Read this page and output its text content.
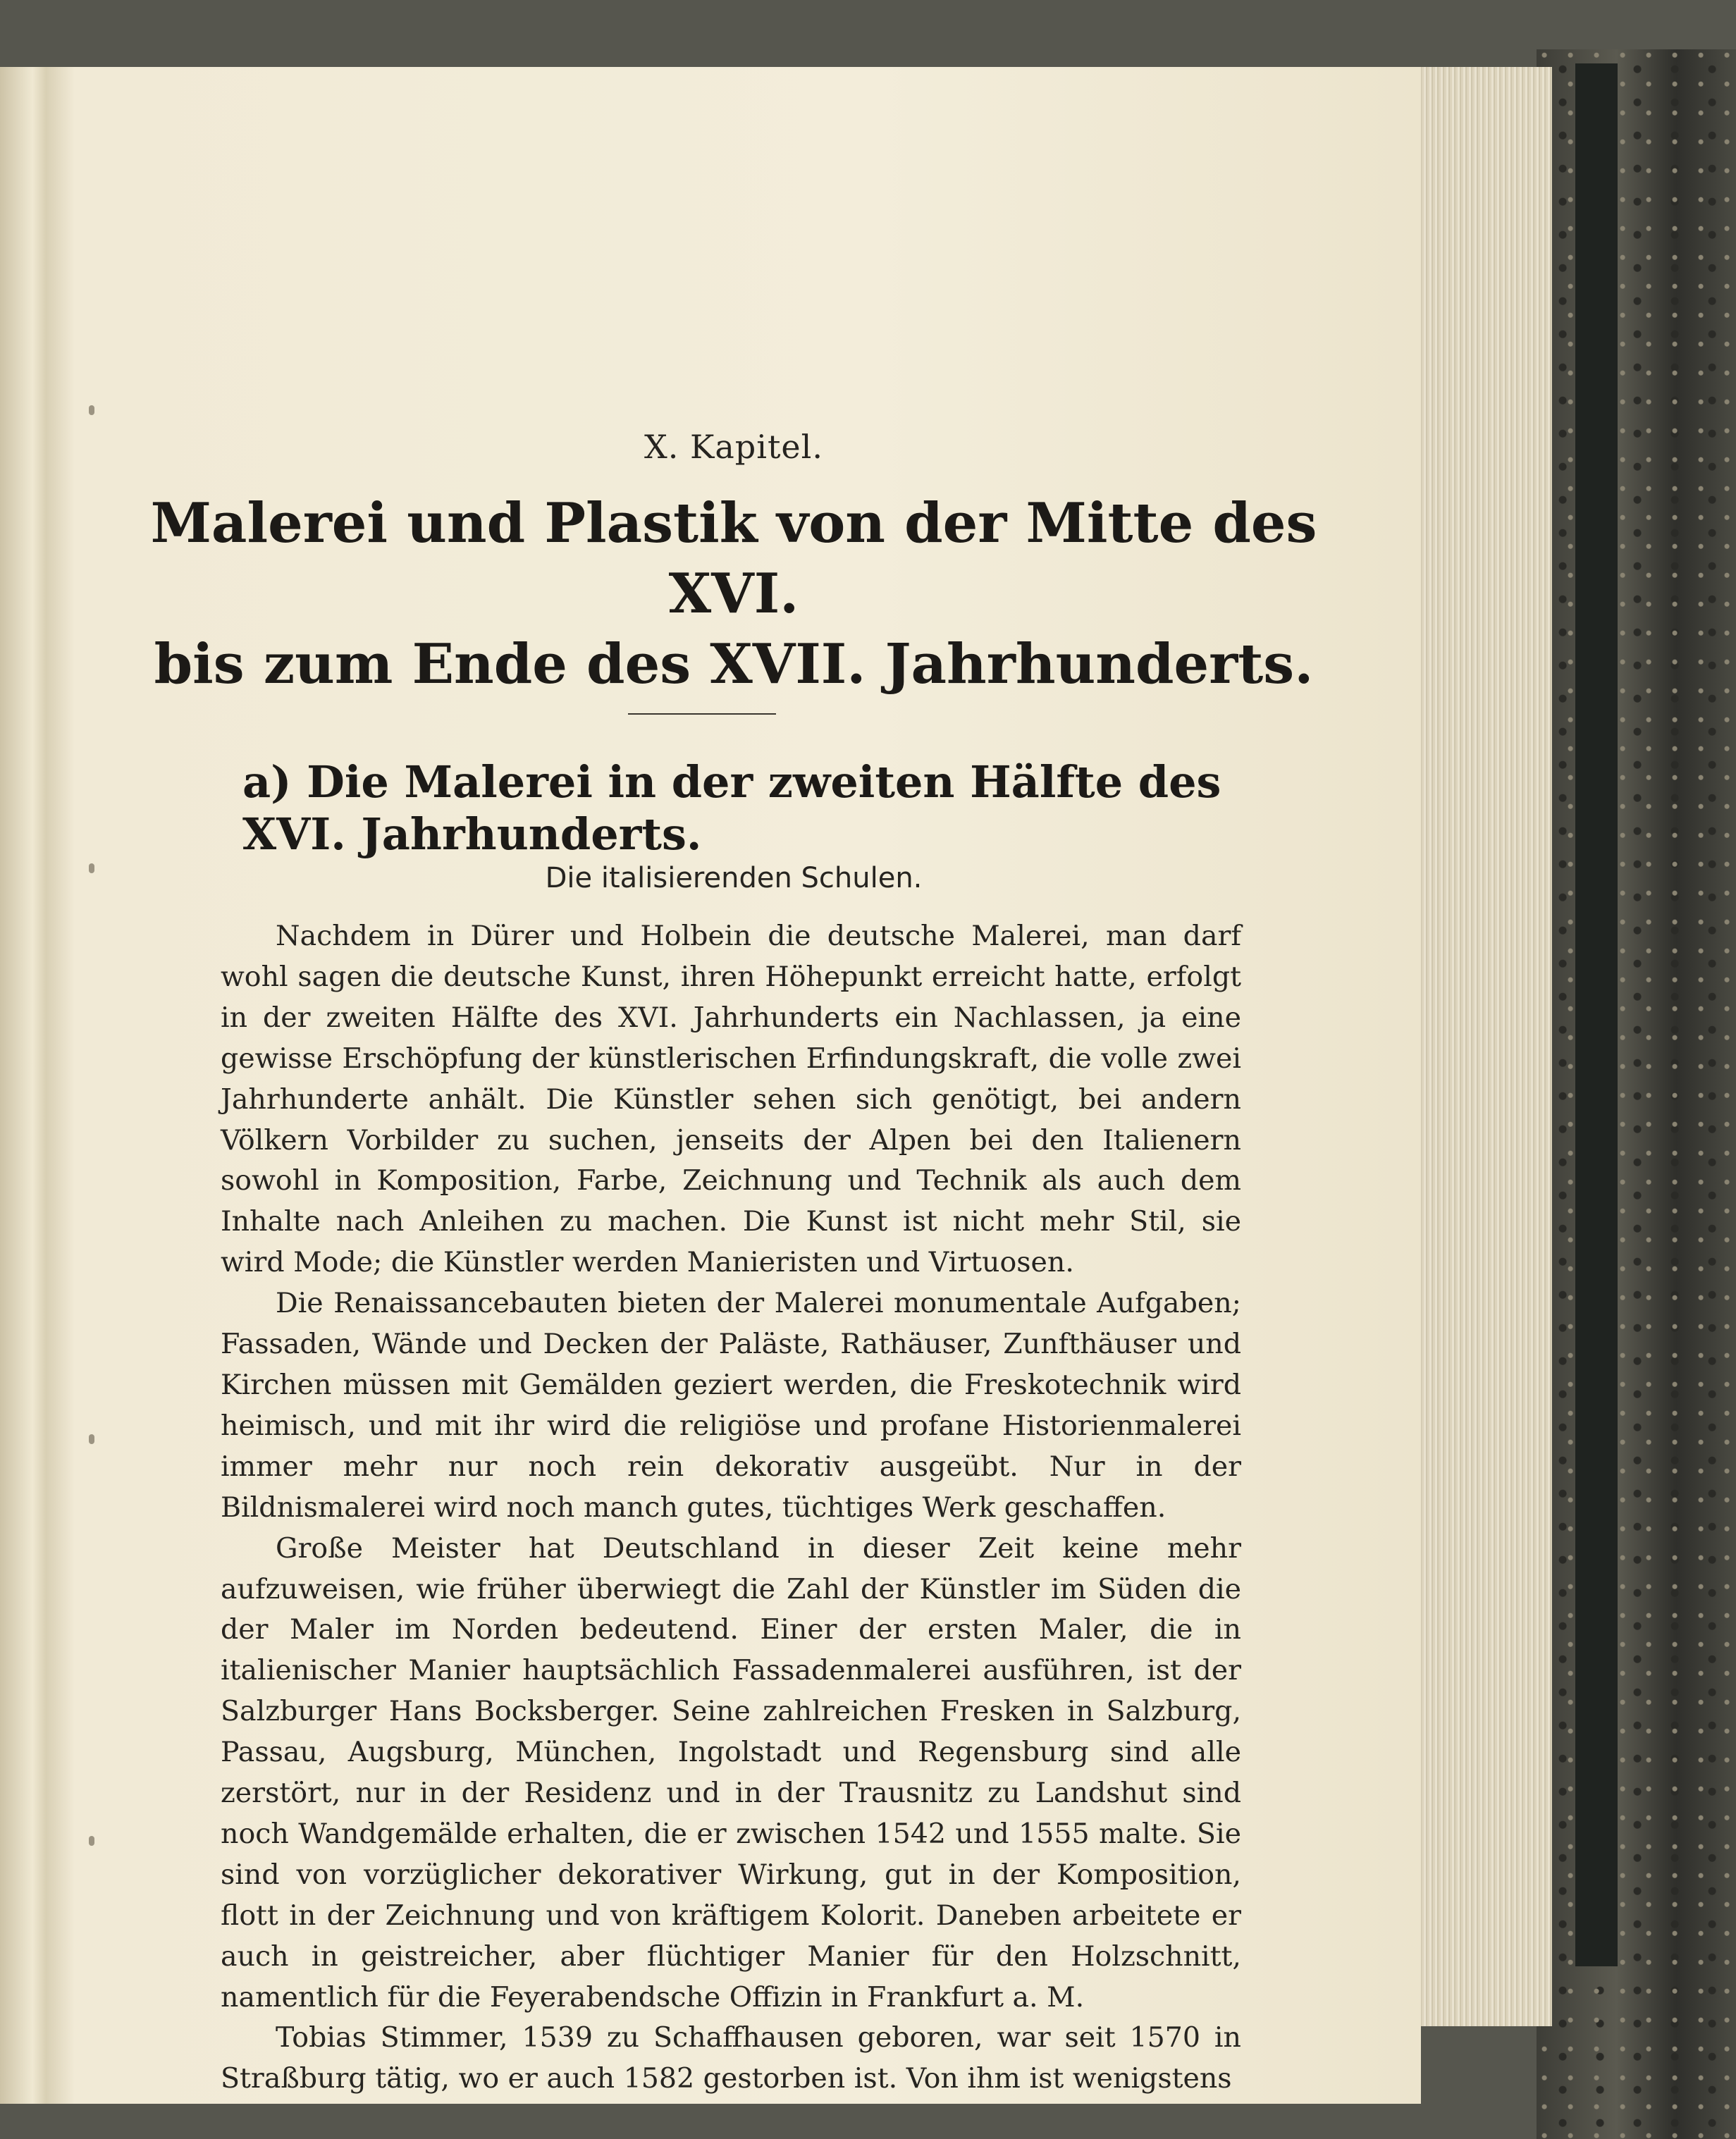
X. Kapitel.
Malerei und Plastik von der Mitte des XVI.
bis zum Ende des XVII. Jahrhunderts.
a) Die Malerei in der zweiten Hälfte des XVI. Jahrhunderts.
Die italisierenden Schulen.

Nachdem in Dürer und Holbein die deutsche Malerei, man darf wohl sagen die deutsche Kunst, ihren Höhepunkt erreicht hatte, erfolgt in der zweiten Hälfte des XVI. Jahrhunderts ein Nachlassen, ja eine gewisse Erschöpfung der künstlerischen Erfindungskraft, die volle zwei Jahrhunderte anhält. Die Künstler sehen sich genötigt, bei andern Völkern Vorbilder zu suchen, jenseits der Alpen bei den Italienern sowohl in Komposition, Farbe, Zeichnung und Technik als auch dem Inhalte nach Anleihen zu machen. Die Kunst ist nicht mehr Stil, sie wird Mode; die Künstler werden Manieristen und Virtuosen.

Die Renaissancebauten bieten der Malerei monumentale Aufgaben; Fassaden, Wände und Decken der Paläste, Rathäuser, Zunfthäuser und Kirchen müssen mit Gemälden geziert werden, die Freskotechnik wird heimisch, und mit ihr wird die religiöse und profane Historienmalerei immer mehr nur noch rein dekorativ ausgeübt. Nur in der Bildnismalerei wird noch manch gutes, tüchtiges Werk geschaffen.

Große Meister hat Deutschland in dieser Zeit keine mehr aufzuweisen, wie früher überwiegt die Zahl der Künstler im Süden die der Maler im Norden bedeutend. Einer der ersten Maler, die in italienischer Manier hauptsächlich Fassadenmalerei ausführen, ist der Salzburger Hans Bocksberger. Seine zahlreichen Fresken in Salzburg, Passau, Augsburg, München, Ingolstadt und Regensburg sind alle zerstört, nur in der Residenz und in der Trausnitz zu Landshut sind noch Wandgemälde erhalten, die er zwischen 1542 und 1555 malte. Sie sind von vorzüglicher dekorativer Wirkung, gut in der Komposition, flott in der Zeichnung und von kräftigem Kolorit. Daneben arbeitete er auch in geistreicher, aber flüchtiger Manier für den Holzschnitt, namentlich für die Feyerabendsche Offizin in Frankfurt a. M.

Tobias Stimmer, 1539 zu Schaffhausen geboren, war seit 1570 in Straßburg tätig, wo er auch 1582 gestorben ist. Von ihm ist wenigstens
